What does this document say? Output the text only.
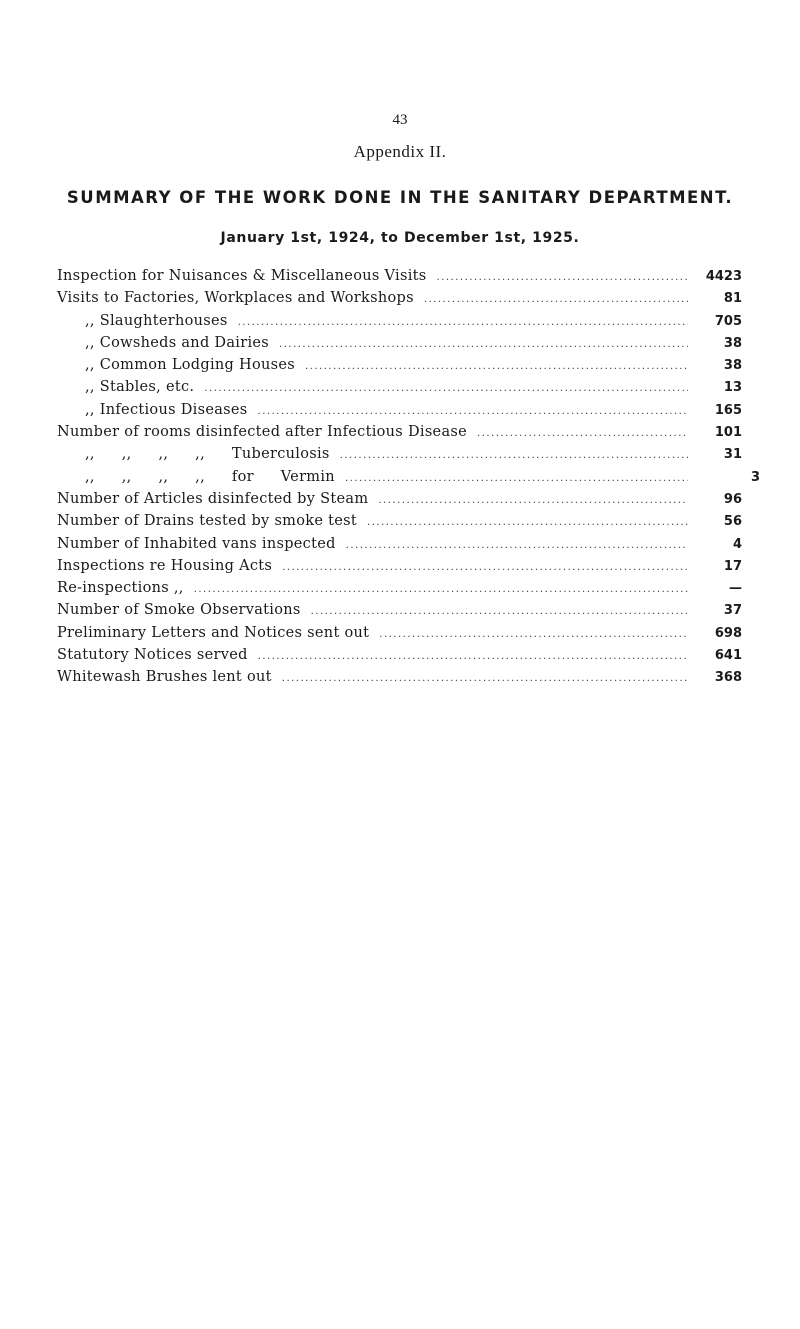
43
Appendix II.
SUMMARY OF THE WORK DONE IN THE SANITARY DEPARTMENT.
January 1st, 1924, to December 1st, 1925.
Inspection for Nuisances & Miscellaneous Visits .....	4423
Visits to Factories, Workplaces and Workshops .....	81
,, Slaughterhouses .....	705
,, Cowsheds and Dairies .....	38
,, Common Lodging Houses .....	38
,, Stables, etc. .....	13
,, Infectious Diseases .....	165
Number of rooms disinfected after Infectious Disease .....	101
,, ,, ,, ,, Tuberculosis .....	31
,, ,, ,, ,, for Vermin .....	3
Number of Articles disinfected by Steam .....	96
Number of Drains tested by smoke test .....	56
Number of Inhabited vans inspected .....	4
Inspections re Housing Acts .....	17
Re-inspections ,, .....	—
Number of Smoke Observations .....	37
Preliminary Letters and Notices sent out .....	698
Statutory Notices served .....	641
Whitewash Brushes lent out .....	368
